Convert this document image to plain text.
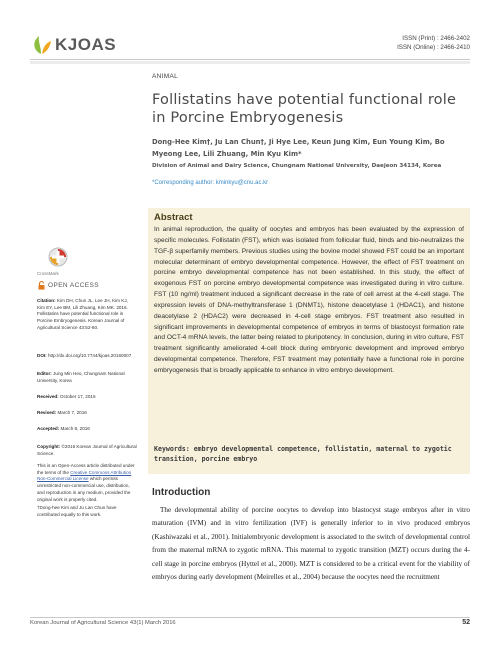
KJOAS	ISSN (Print) : 2466-2402
ISSN (Online) : 2466-2410
ANIMAL
Follistatins have potential functional role in Porcine Embryogenesis
Dong-Hee Kim†, Ju Lan Chun†, Ji Hye Lee, Keun Jung Kim, Eun Young Kim, Bo Myeong Lee, Lili Zhuang, Min Kyu Kim*
Division of Animal and Dairy Science, Chungnam National University, Daejeon 34134, Korea
*Corresponding author: kminkyu@cnu.ac.kr
Abstract
In animal reproduction, the quality of oocytes and embryos has been evaluated by the expression of specific molecules. Follistatin (FST), which was isolated from follicular fluid, binds and bio-neutralizes the TGF-β superfamily members. Previous studies using the bovine model showed FST could be an important molecular determinant of embryo developmental competence. However, the effect of FST treatment on porcine embryo developmental competence has not been established. In this study, the effect of exogenous FST on porcine embryo developmental competence was investigated during in vitro culture. FST (10 ng/ml) treatment induced a significant decrease in the rate of cell arrest at the 4-cell stage. The expression levels of DNA-methyltransferase 1 (DNMT1), histone deacetylase 1 (HDAC1), and histone deacetylase 2 (HDAC2) were decreased in 4-cell stage embryos. FST treatment also resulted in significant improvements in developmental competence of embryos in terms of blastocyst formation rate and OCT-4 mRNA levels, the latter being related to pluripotency. In conclusion, during in vitro culture, FST treatment significantly ameliorated 4-cell block during embryonic development and improved embryo developmental competence. Therefore, FST treatment may potentially have a functional role in porcine embryogenesis that is broadly applicable to enhance in vitro embryo development.
Keywords: embryo developmental competence, follistatin, maternal to zygotic transition, porcine embryo
CrossMark
OPEN ACCESS
Citation: Kim DH, Chun JL, Lee JH, Kim KJ, Kim EY, Lee BM, Lili Zhuang, Kim MK. 2016. Follistatins have potential functional role in Porcine Embryogenesis. Korean Journal of Agricultural Science 43:52-60.
DOI: http://dx.doi.org/10.7744/kjoas.20160007
Editor: Jung Min Heo, Chungnam National University, Korea
Received: October 17, 2015
Revised: March 7, 2016
Accepted: March 8, 2016
Copyright: ©2016 Korean Journal of Agricultural Science.
This is an Open-Access article distributed under the terms of the Creative Commons Attribution Non-Commercial License which permits unrestricted non-commercial use, distribution, and reproduction in any medium, provided the original work is properly cited.
†Dong-hee Kim and Ju Lan Chun have contributed equally to this work.
Introduction
The developmental ability of porcine oocytes to develop into blastocyst stage embryos after in vitro maturation (IVM) and in vitro fertilization (IVF) is generally inferior to in vivo produced embryos (Kashiwazaki et al., 2001). Initialembryonic development is associated to the switch of developmental control from the maternal mRNA to zygotic mRNA. This maternal to zygotic transition (MZT) occurs during the 4-cell stage in porcine embryos (Hyttel et al., 2000). MZT is considered to be a critical event for the viability of embryos during early development (Meirelles et al., 2004) because the oocytes need the recruitment
Korean Journal of Agricultural Science 43(1) March 2016	52
